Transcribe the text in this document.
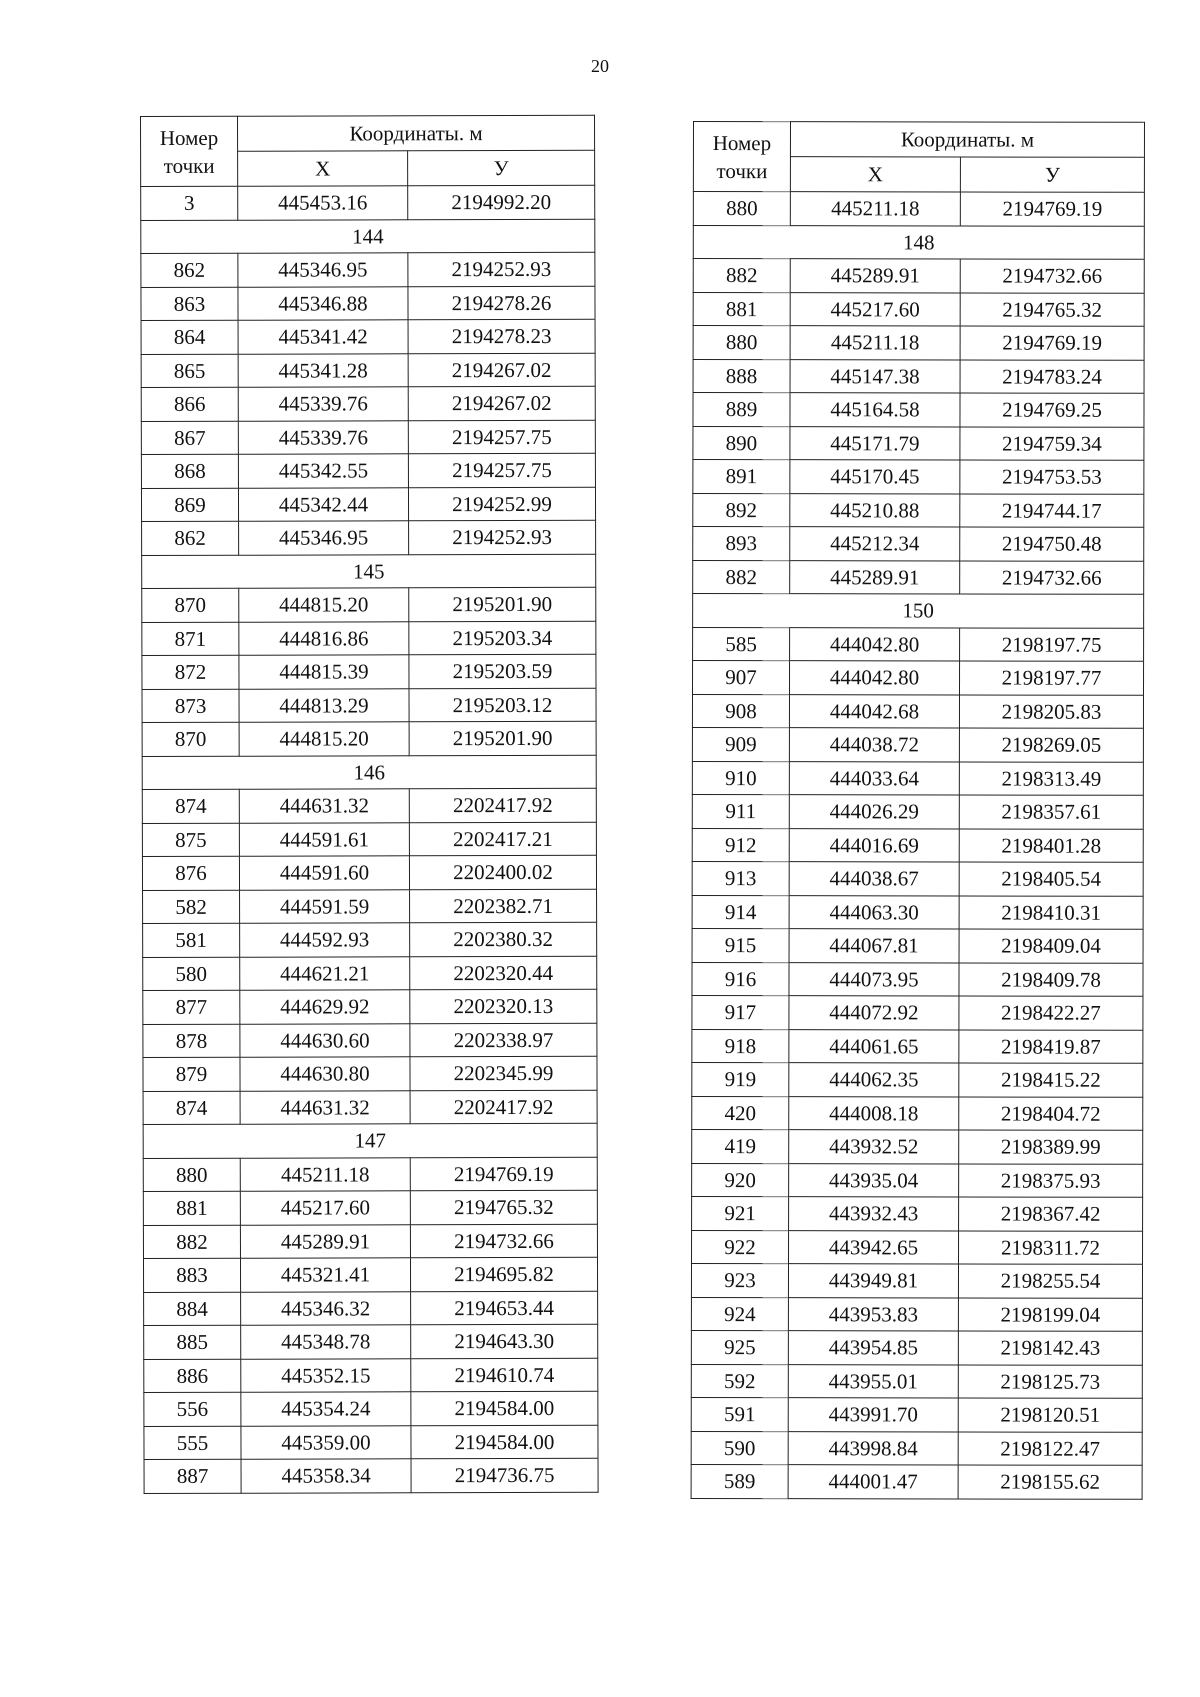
20
Номер
точки	Координаты. м	
	Х	У
3	445453.16	2194992.20
144		
862	445346.95	2194252.93
863	445346.88	2194278.26
864	445341.42	2194278.23
865	445341.28	2194267.02
866	445339.76	2194267.02
867	445339.76	2194257.75
868	445342.55	2194257.75
869	445342.44	2194252.99
862	445346.95	2194252.93
145		
870	444815.20	2195201.90
871	444816.86	2195203.34
872	444815.39	2195203.59
873	444813.29	2195203.12
870	444815.20	2195201.90
146		
874	444631.32	2202417.92
875	444591.61	2202417.21
876	444591.60	2202400.02
582	444591.59	2202382.71
581	444592.93	2202380.32
580	444621.21	2202320.44
877	444629.92	2202320.13
878	444630.60	2202338.97
879	444630.80	2202345.99
874	444631.32	2202417.92
147		
880	445211.18	2194769.19
881	445217.60	2194765.32
882	445289.91	2194732.66
883	445321.41	2194695.82
884	445346.32	2194653.44
885	445348.78	2194643.30
886	445352.15	2194610.74
556	445354.24	2194584.00
555	445359.00	2194584.00
887	445358.34	2194736.75
Номер
точки	Координаты. м	
	Х	У
880	445211.18	2194769.19
148		
882	445289.91	2194732.66
881	445217.60	2194765.32
880	445211.18	2194769.19
888	445147.38	2194783.24
889	445164.58	2194769.25
890	445171.79	2194759.34
891	445170.45	2194753.53
892	445210.88	2194744.17
893	445212.34	2194750.48
882	445289.91	2194732.66
150		
585	444042.80	2198197.75
907	444042.80	2198197.77
908	444042.68	2198205.83
909	444038.72	2198269.05
910	444033.64	2198313.49
911	444026.29	2198357.61
912	444016.69	2198401.28
913	444038.67	2198405.54
914	444063.30	2198410.31
915	444067.81	2198409.04
916	444073.95	2198409.78
917	444072.92	2198422.27
918	444061.65	2198419.87
919	444062.35	2198415.22
420	444008.18	2198404.72
419	443932.52	2198389.99
920	443935.04	2198375.93
921	443932.43	2198367.42
922	443942.65	2198311.72
923	443949.81	2198255.54
924	443953.83	2198199.04
925	443954.85	2198142.43
592	443955.01	2198125.73
591	443991.70	2198120.51
590	443998.84	2198122.47
589	444001.47	2198155.62
